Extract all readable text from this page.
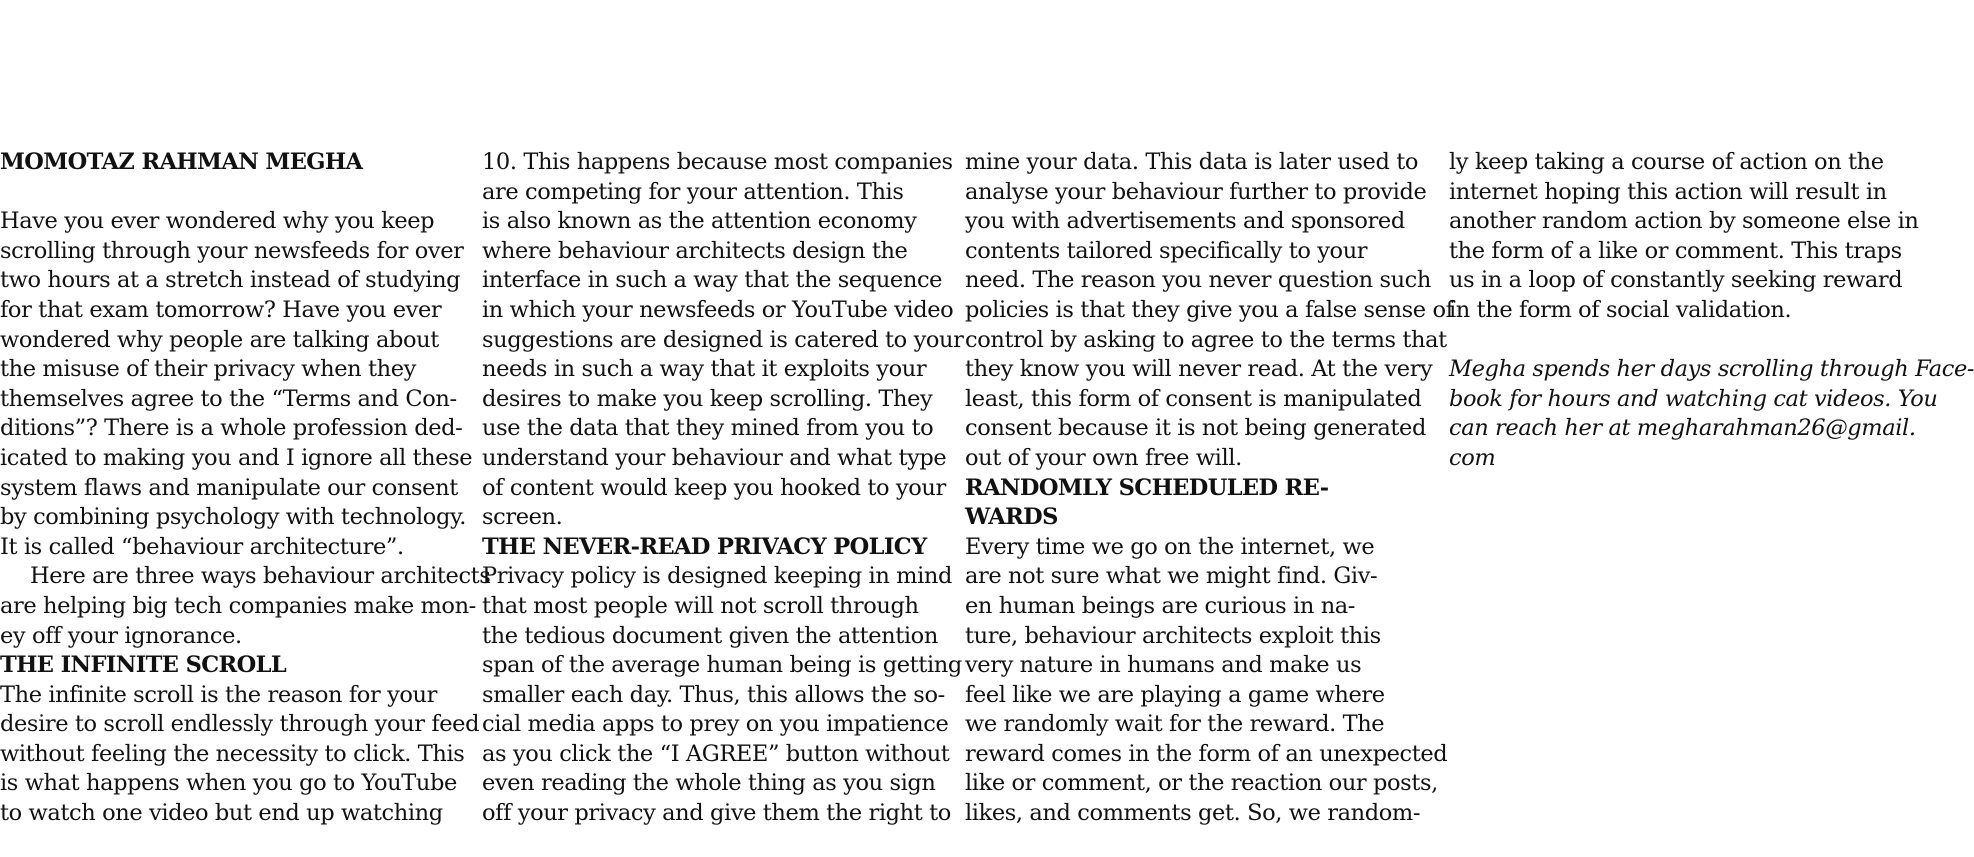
MOMOTAZ RAHMAN MEGHA
Have you ever wondered why you keep
scrolling through your newsfeeds for over
two hours at a stretch instead of studying
for that exam tomorrow? Have you ever
wondered why people are talking about
the misuse of their privacy when they
themselves agree to the “Terms and Con-
ditions”? There is a whole profession ded-
icated to making you and I ignore all these
system flaws and manipulate our consent
by combining psychology with technology.
It is called “behaviour architecture”.
Here are three ways behaviour architects
are helping big tech companies make mon-
ey off your ignorance.
THE INFINITE SCROLL
The infinite scroll is the reason for your
desire to scroll endlessly through your feed
without feeling the necessity to click. This
is what happens when you go to YouTube
to watch one video but end up watching
10. This happens because most companies
are competing for your attention. This
is also known as the attention economy
where behaviour architects design the
interface in such a way that the sequence
in which your newsfeeds or YouTube video
suggestions are designed is catered to your
needs in such a way that it exploits your
desires to make you keep scrolling. They
use the data that they mined from you to
understand your behaviour and what type
of content would keep you hooked to your
screen.
THE NEVER-READ PRIVACY POLICY
Privacy policy is designed keeping in mind
that most people will not scroll through
the tedious document given the attention
span of the average human being is getting
smaller each day. Thus, this allows the so-
cial media apps to prey on you impatience
as you click the “I AGREE” button without
even reading the whole thing as you sign
off your privacy and give them the right to
mine your data. This data is later used to
analyse your behaviour further to provide
you with advertisements and sponsored
contents tailored specifically to your
need. The reason you never question such
policies is that they give you a false sense of
control by asking to agree to the terms that
they know you will never read. At the very
least, this form of consent is manipulated
consent because it is not being generated
out of your own free will.
RANDOMLY SCHEDULED RE-
WARDS
Every time we go on the internet, we
are not sure what we might find. Giv-
en human beings are curious in na-
ture, behaviour architects exploit this
very nature in humans and make us
feel like we are playing a game where
we randomly wait for the reward. The
reward comes in the form of an unexpected
like or comment, or the reaction our posts,
likes, and comments get. So, we random-
ly keep taking a course of action on the
internet hoping this action will result in
another random action by someone else in
the form of a like or comment. This traps
us in a loop of constantly seeking reward
in the form of social validation.
Megha spends her days scrolling through Face-
book for hours and watching cat videos. You
can reach her at megharahman26@gmail.
com
